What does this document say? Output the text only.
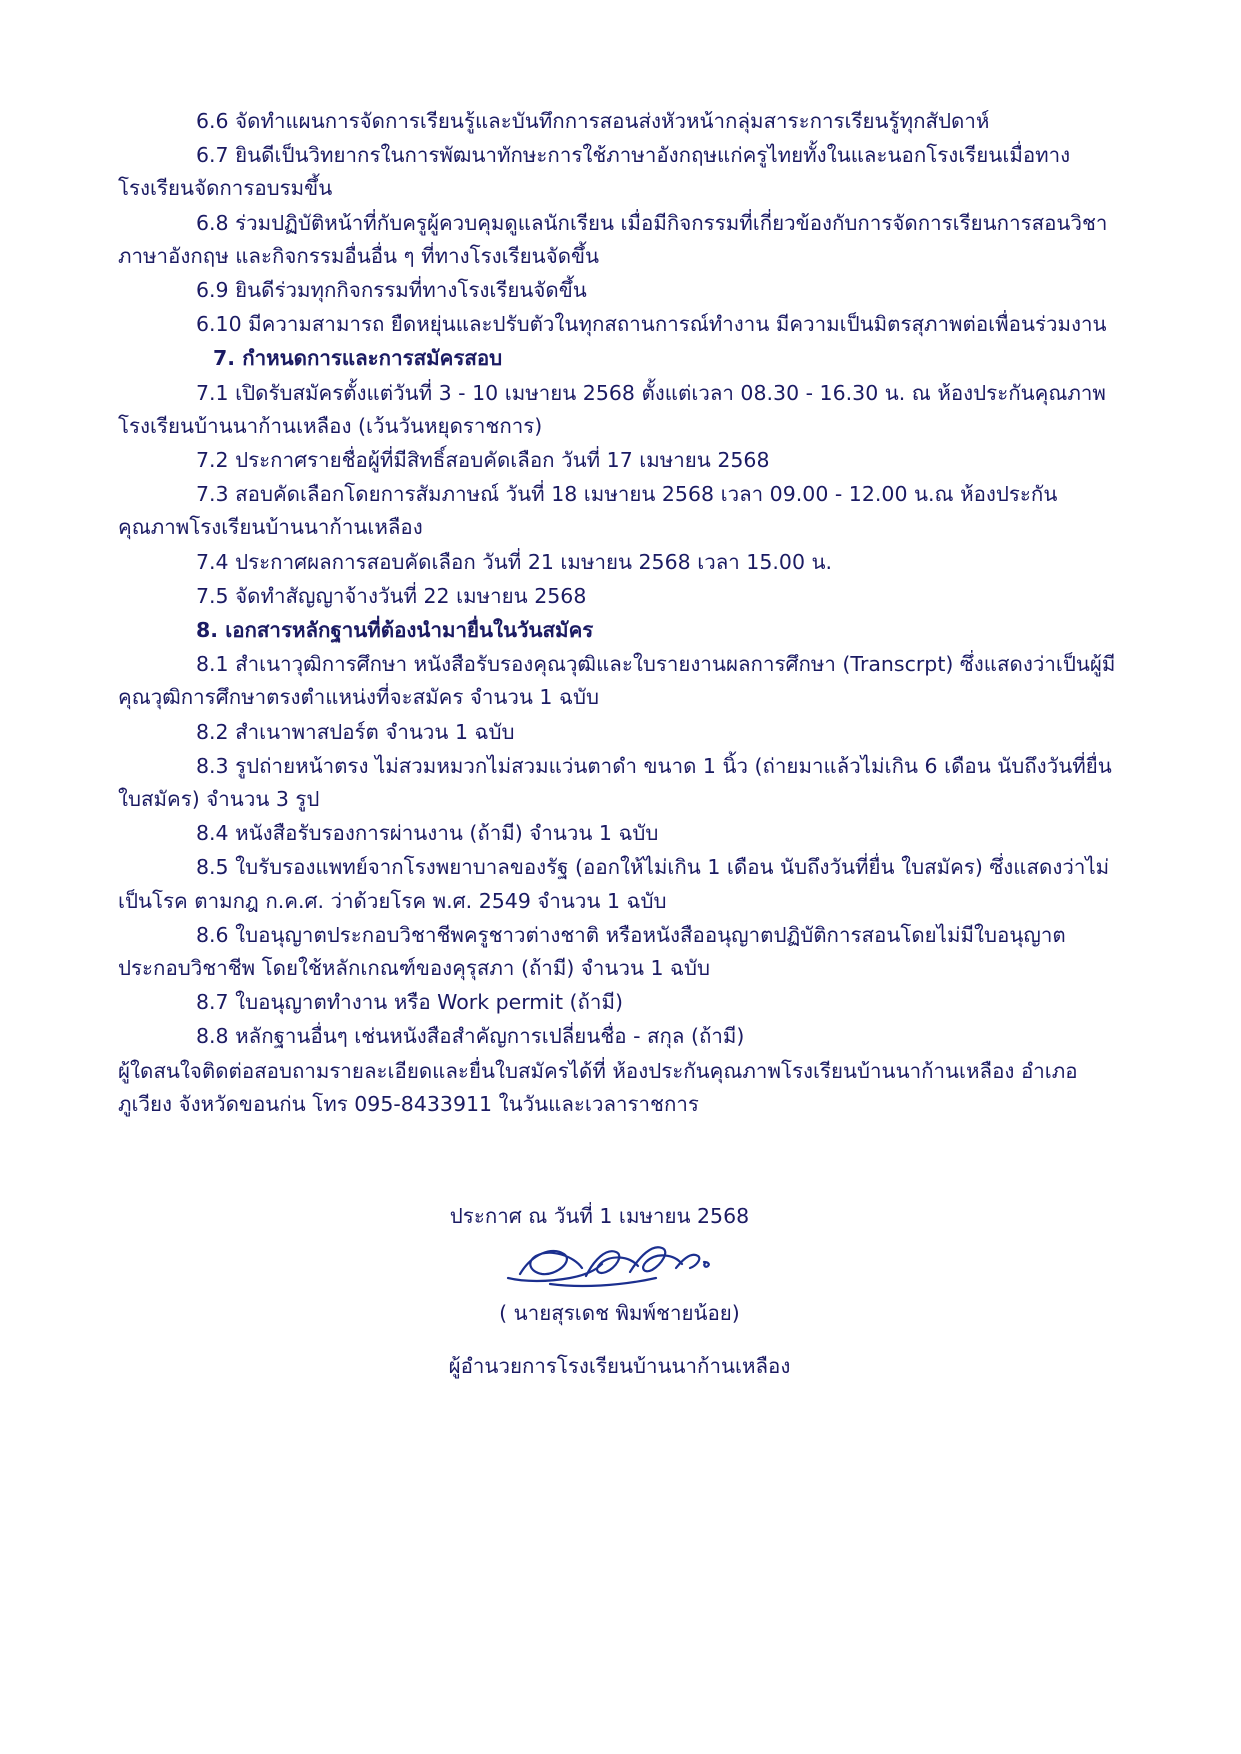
6.6 จัดทำแผนการจัดการเรียนรู้และบันทึกการสอนส่งหัวหน้ากลุ่มสาระการเรียนรู้ทุกสัปดาห์

6.7 ยินดีเป็นวิทยากรในการพัฒนาทักษะการใช้ภาษาอังกฤษแก่ครูไทยทั้งในและนอกโรงเรียนเมื่อทางโรงเรียนจัดการอบรมขึ้น

6.8 ร่วมปฏิบัติหน้าที่กับครูผู้ควบคุมดูแลนักเรียน เมื่อมีกิจกรรมที่เกี่ยวข้องกับการจัดการเรียนการสอนวิชาภาษาอังกฤษ และกิจกรรมอื่นอื่น ๆ ที่ทางโรงเรียนจัดขึ้น

6.9 ยินดีร่วมทุกกิจกรรมที่ทางโรงเรียนจัดขึ้น

6.10 มีความสามารถ ยืดหยุ่นและปรับตัวในทุกสถานการณ์ทำงาน มีความเป็นมิตรสุภาพต่อเพื่อนร่วมงาน

7. กำหนดการและการสมัครสอบ

7.1 เปิดรับสมัครตั้งแต่วันที่ 3 - 10 เมษายน 2568 ตั้งแต่เวลา 08.30 - 16.30 น. ณ ห้องประกันคุณภาพโรงเรียนบ้านนาก้านเหลือง (เว้นวันหยุดราชการ)

7.2 ประกาศรายชื่อผู้ที่มีสิทธิ์สอบคัดเลือก วันที่ 17 เมษายน 2568

7.3 สอบคัดเลือกโดยการสัมภาษณ์ วันที่ 18 เมษายน 2568 เวลา 09.00 - 12.00 น.ณ ห้องประกันคุณภาพโรงเรียนบ้านนาก้านเหลือง

7.4 ประกาศผลการสอบคัดเลือก วันที่ 21 เมษายน 2568 เวลา 15.00 น.

7.5 จัดทำสัญญาจ้างวันที่ 22 เมษายน 2568

8. เอกสารหลักฐานที่ต้องนำมายื่นในวันสมัคร

8.1 สำเนาวุฒิการศึกษา หนังสือรับรองคุณวุฒิและใบรายงานผลการศึกษา (Transcrpt) ซึ่งแสดงว่าเป็นผู้มีคุณวุฒิการศึกษาตรงตำแหน่งที่จะสมัคร จำนวน 1 ฉบับ

8.2 สำเนาพาสปอร์ต จำนวน 1 ฉบับ

8.3 รูปถ่ายหน้าตรง ไม่สวมหมวกไม่สวมแว่นตาดำ ขนาด 1 นิ้ว (ถ่ายมาแล้วไม่เกิน 6 เดือน นับถึงวันที่ยื่นใบสมัคร) จำนวน 3 รูป

8.4 หนังสือรับรองการผ่านงาน (ถ้ามี) จำนวน 1 ฉบับ

8.5 ใบรับรองแพทย์จากโรงพยาบาลของรัฐ (ออกให้ไม่เกิน 1 เดือน นับถึงวันที่ยื่น ใบสมัคร) ซึ่งแสดงว่าไม่เป็นโรค ตามกฎ ก.ค.ศ. ว่าด้วยโรค พ.ศ. 2549 จำนวน 1 ฉบับ

8.6 ใบอนุญาตประกอบวิชาชีพครูชาวต่างชาติ หรือหนังสืออนุญาตปฏิบัติการสอนโดยไม่มีใบอนุญาตประกอบวิชาชีพ โดยใช้หลักเกณฑ์ของคุรุสภา (ถ้ามี) จำนวน 1 ฉบับ

8.7 ใบอนุญาตทำงาน หรือ Work permit (ถ้ามี)

8.8 หลักฐานอื่นๆ เช่นหนังสือสำคัญการเปลี่ยนชื่อ - สกุล (ถ้ามี)

ผู้ใดสนใจติดต่อสอบถามรายละเอียดและยื่นใบสมัครได้ที่ ห้องประกันคุณภาพโรงเรียนบ้านนาก้านเหลือง อำเภอภูเวียง จังหวัดขอนก่น โทร 095-8433911 ในวันและเวลาราชการ

ประกาศ ณ วันที่ 1 เมษายน 2568

( นายสุรเดช พิมพ์ชายน้อย)

ผู้อำนวยการโรงเรียนบ้านนาก้านเหลือง
